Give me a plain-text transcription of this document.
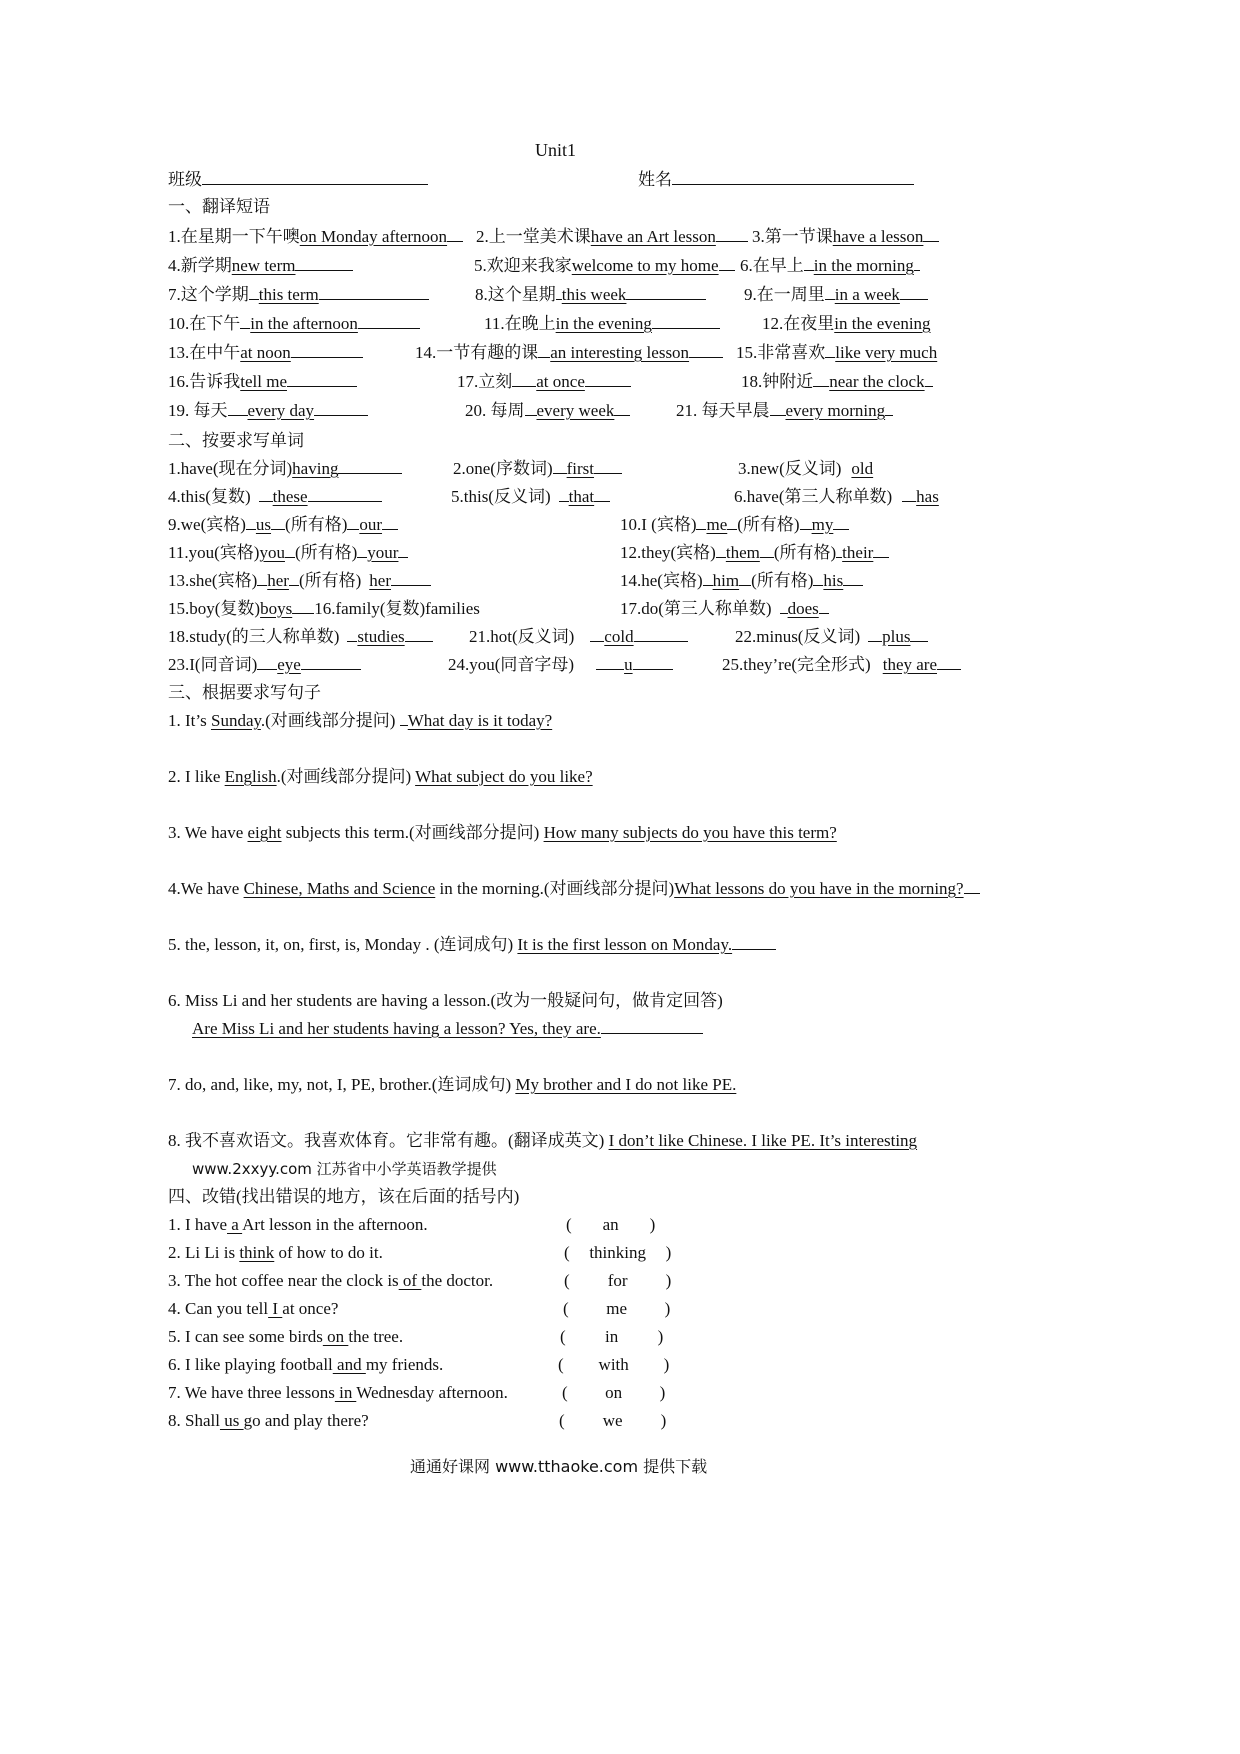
Unit1
班级	姓名
一、翻译短语
1.在星期一下午噢on Monday afternoon	2.上一堂美术课have an Art lesson	3.第一节课have a lesson
4.新学期new term	5.欢迎来我家welcome to my home	6.在早上 in the morning
7.这个学期 this term	8.这个星期 this week	9.在一周里 in a week
10.在下午 in the afternoon	11.在晚上in the evening	12.在夜里in the evening
13.在中午at noon	14.一节有趣的课 an interesting lesson	15.非常喜欢 like very much
16.告诉我tell me	17.立刻 at once	18.钟附近 near the clock
19. 每天 every day	20. 每周 every week	21. 每天早晨 every morning
二、按要求写单词
1.have(现在分词)having	2.one(序数词) first	3.new(反义词) old
4.this(复数) these	5.this(反义词) that	6.have(第三人称单数) has
9.we(宾格) us (所有格) our	10.I (宾格) me (所有格) my
11.you(宾格)you (所有格) your	12.they(宾格) them (所有格) their
13.she(宾格) her (所有格) her	14.he(宾格) him (所有格) his
15.boy(复数)boys 16.family(复数)families	17.do(第三人称单数) does
18.study(的三人称单数) studies	21.hot(反义词) cold	22.minus(反义词) plus
23.I(同音词) eye	24.you(同音字母)	u	25.they’re(完全形式) they are
三、根据要求写句子
1. It’s Sunday.(对画线部分提问) What day is it today?
2. I like English.(对画线部分提问) What subject do you like?
3. We have eight subjects this term.(对画线部分提问) How many subjects do you have this term?
4.We have Chinese, Maths and Science in the morning.(对画线部分提问)What lessons do you have in the morning?
5. the, lesson, it, on, first, is, Monday . (连词成句) It is the first lesson on Monday.
6. Miss Li and her students are having a lesson.(改为一般疑问句，做肯定回答)
Are Miss Li and her students having a lesson? Yes, they are.
7. do, and, like, my, not, I, PE, brother.(连词成句) My brother and I do not like PE.
8. 我不喜欢语文。我喜欢体育。它非常有趣。(翻译成英文) I don’t like Chinese. I like PE. It’s interesting
www.2xxyy.com 江苏省中小学英语教学提供
四、改错(找出错误的地方，该在后面的括号内)
1. I have a Art lesson in the afternoon.	( an )
2. Li Li is think of how to do it.	( thinking )
3. The hot coffee near the clock is of the doctor.	( for )
4. Can you tell I at once?	( me )
5. I can see some birds on the tree.	( in )
6. I like playing football and my friends.	( with )
7. We have three lessons in Wednesday afternoon.	( on )
8. Shall us go and play there?	( we )
通通好课网 www.tthaoke.com 提供下载
